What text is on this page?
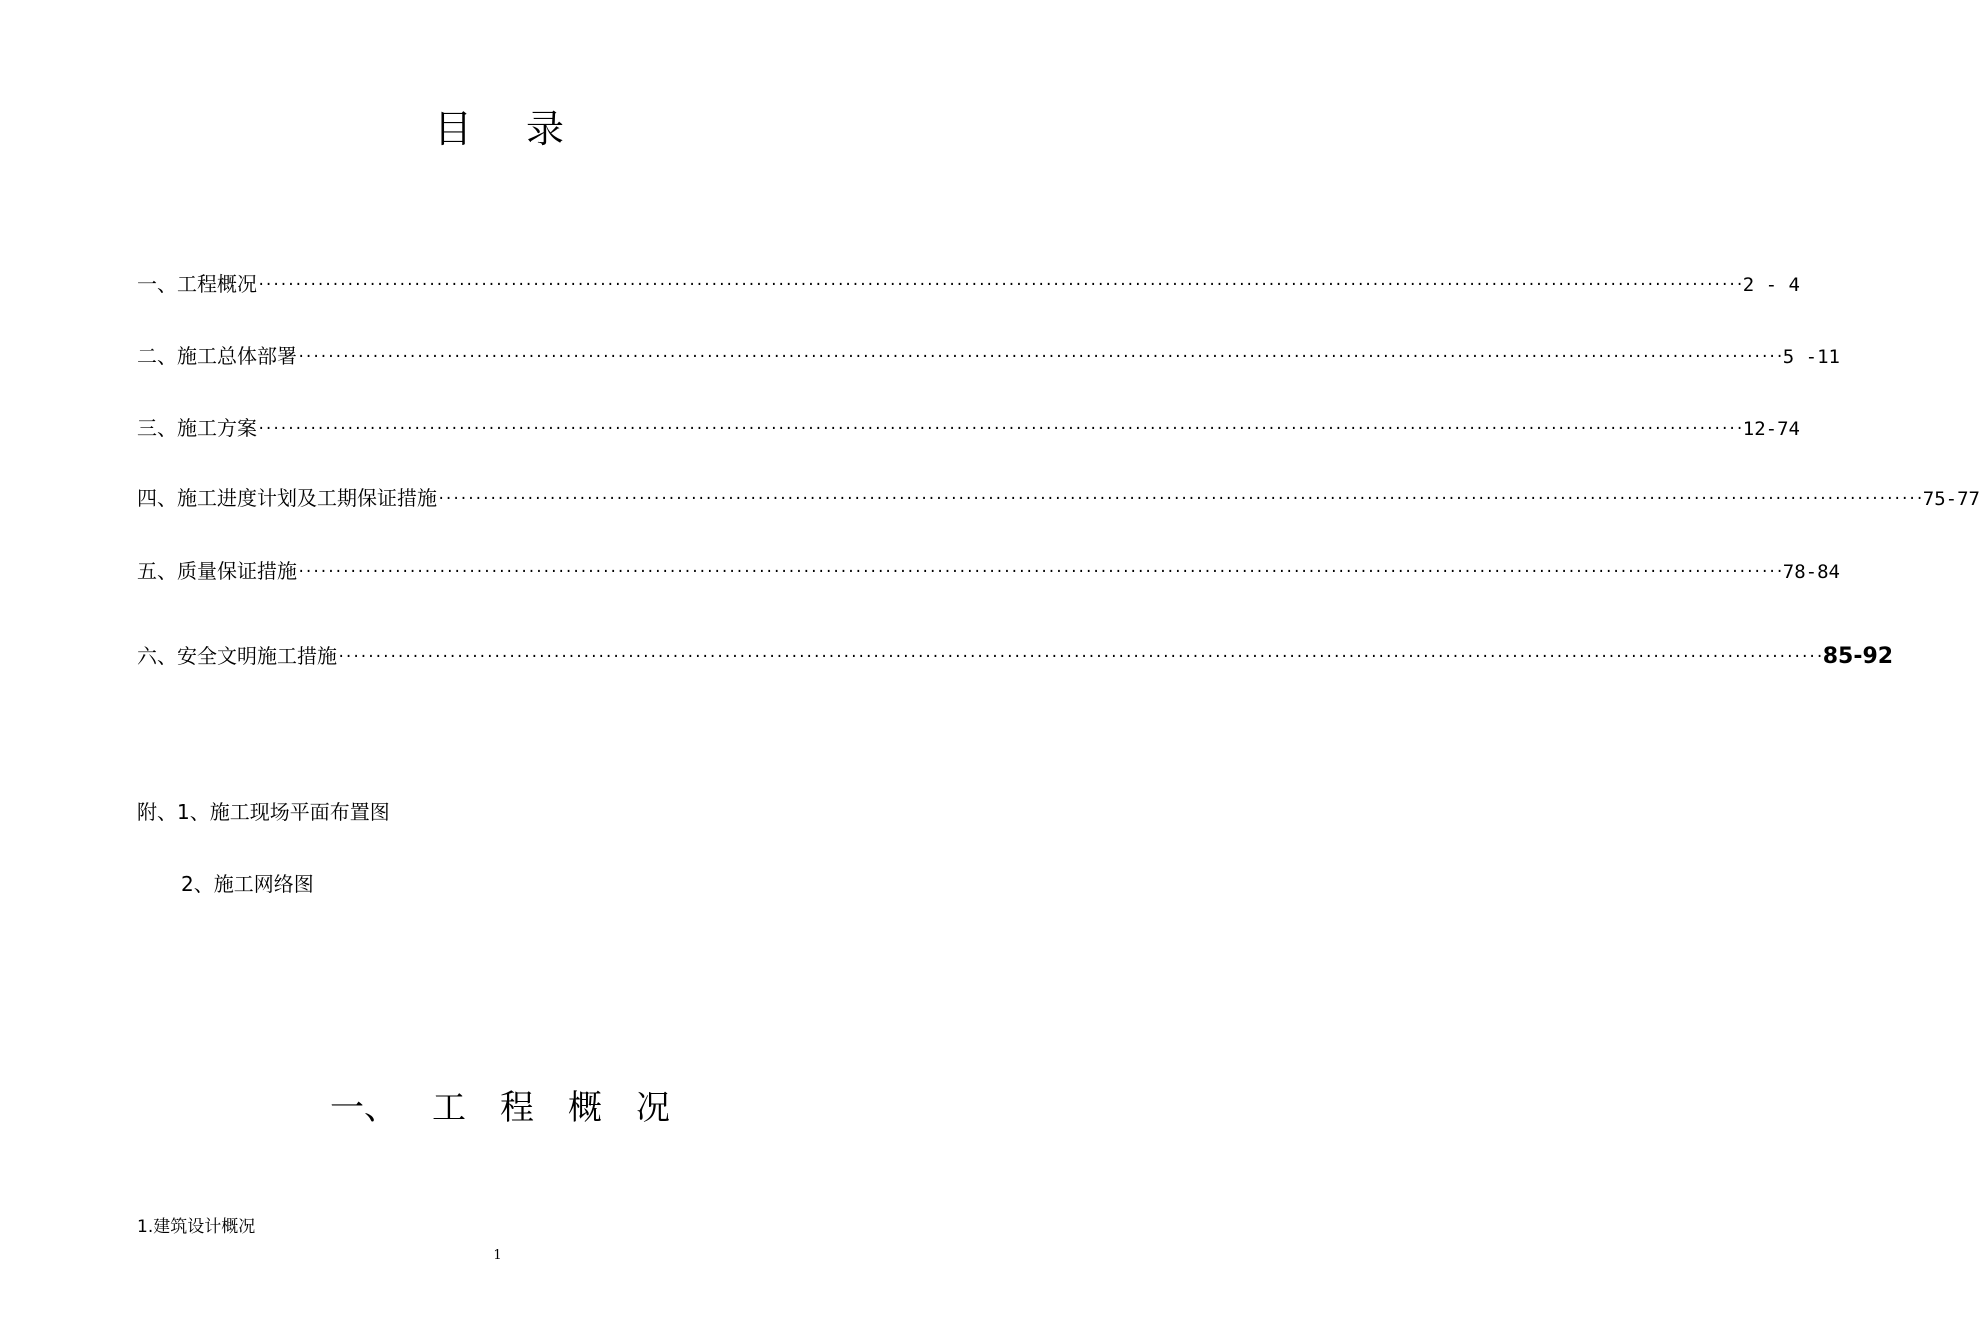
目 录
一、工程概况 ········································································································································································································ 2 - 4
二、施工总体部署 ········································································································································································································ 5 -11
三、施工方案 ········································································································································································································ 12-74
四、施工进度计划及工期保证措施 ········································································································································································································ 75-77
五、质量保证措施 ········································································································································································································ 78-84
六、安全文明施工措施 ········································································································································································································ 85-92
附、1、施工现场平面布置图
2、施工网络图
一、 工 程 概 况
1.建筑设计概况
1
